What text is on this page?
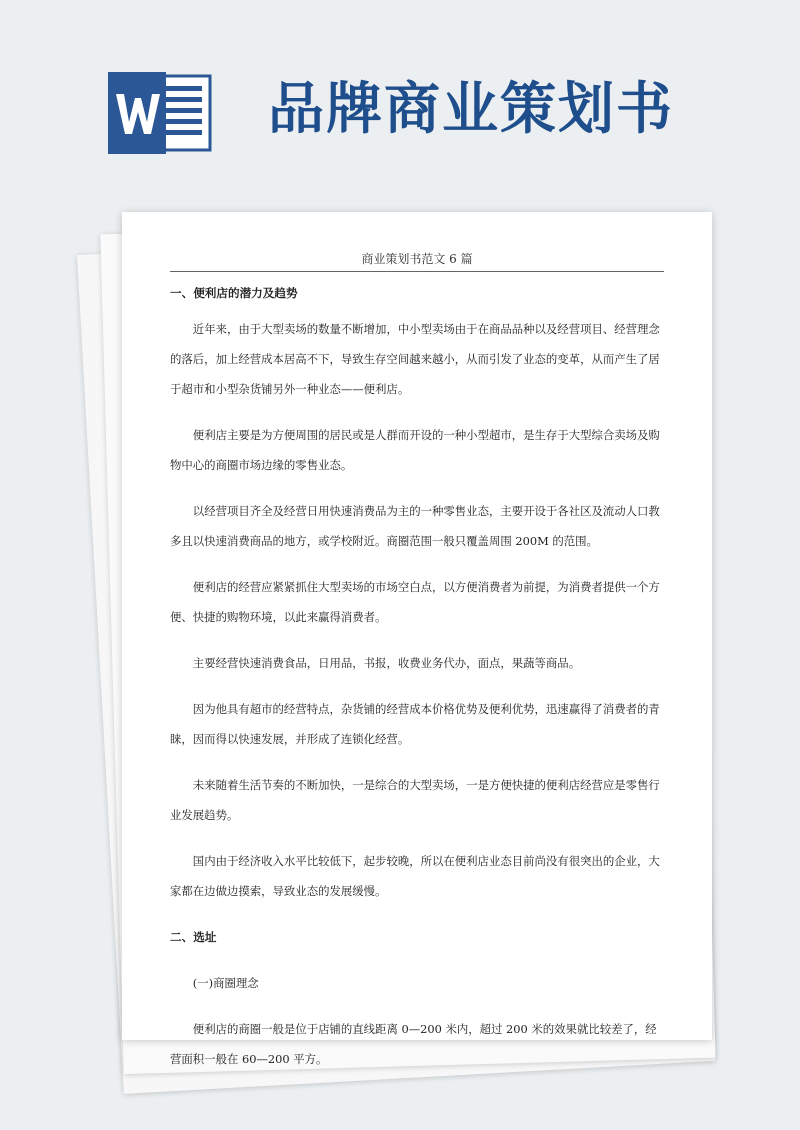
品牌商业策划书
商业策划书范文 6 篇
一、便利店的潜力及趋势

近年来，由于大型卖场的数量不断增加，中小型卖场由于在商品品种以及经营项目、经营理念的落后，加上经营成本居高不下，导致生存空间越来越小，从而引发了业态的变革，从而产生了居于超市和小型杂货铺另外一种业态——便利店。

便利店主要是为方便周围的居民或是人群而开设的一种小型超市，是生存于大型综合卖场及购物中心的商圈市场边缘的零售业态。

以经营项目齐全及经营日用快速消费品为主的一种零售业态，主要开设于各社区及流动人口教多且以快速消费商品的地方，或学校附近。商圈范围一般只覆盖周围 200M 的范围。

便利店的经营应紧紧抓住大型卖场的市场空白点，以方便消费者为前提，为消费者提供一个方便、快捷的购物环境，以此来赢得消费者。

主要经营快速消费食品，日用品，书报，收费业务代办，面点，果蔬等商品。

因为他具有超市的经营特点，杂货铺的经营成本价格优势及便利优势，迅速赢得了消费者的青睐，因而得以快速发展，并形成了连锁化经营。

未来随着生活节奏的不断加快，一是综合的大型卖场，一是方便快捷的便利店经营应是零售行业发展趋势。

国内由于经济收入水平比较低下，起步较晚，所以在便利店业态目前尚没有很突出的企业，大家都在边做边摸索，导致业态的发展缓慢。

二、选址

(一)商圈理念

便利店的商圈一般是位于店铺的直线距离 0—200 米内，超过 200 米的效果就比较差了，经营面积一般在 60—200 平方。
